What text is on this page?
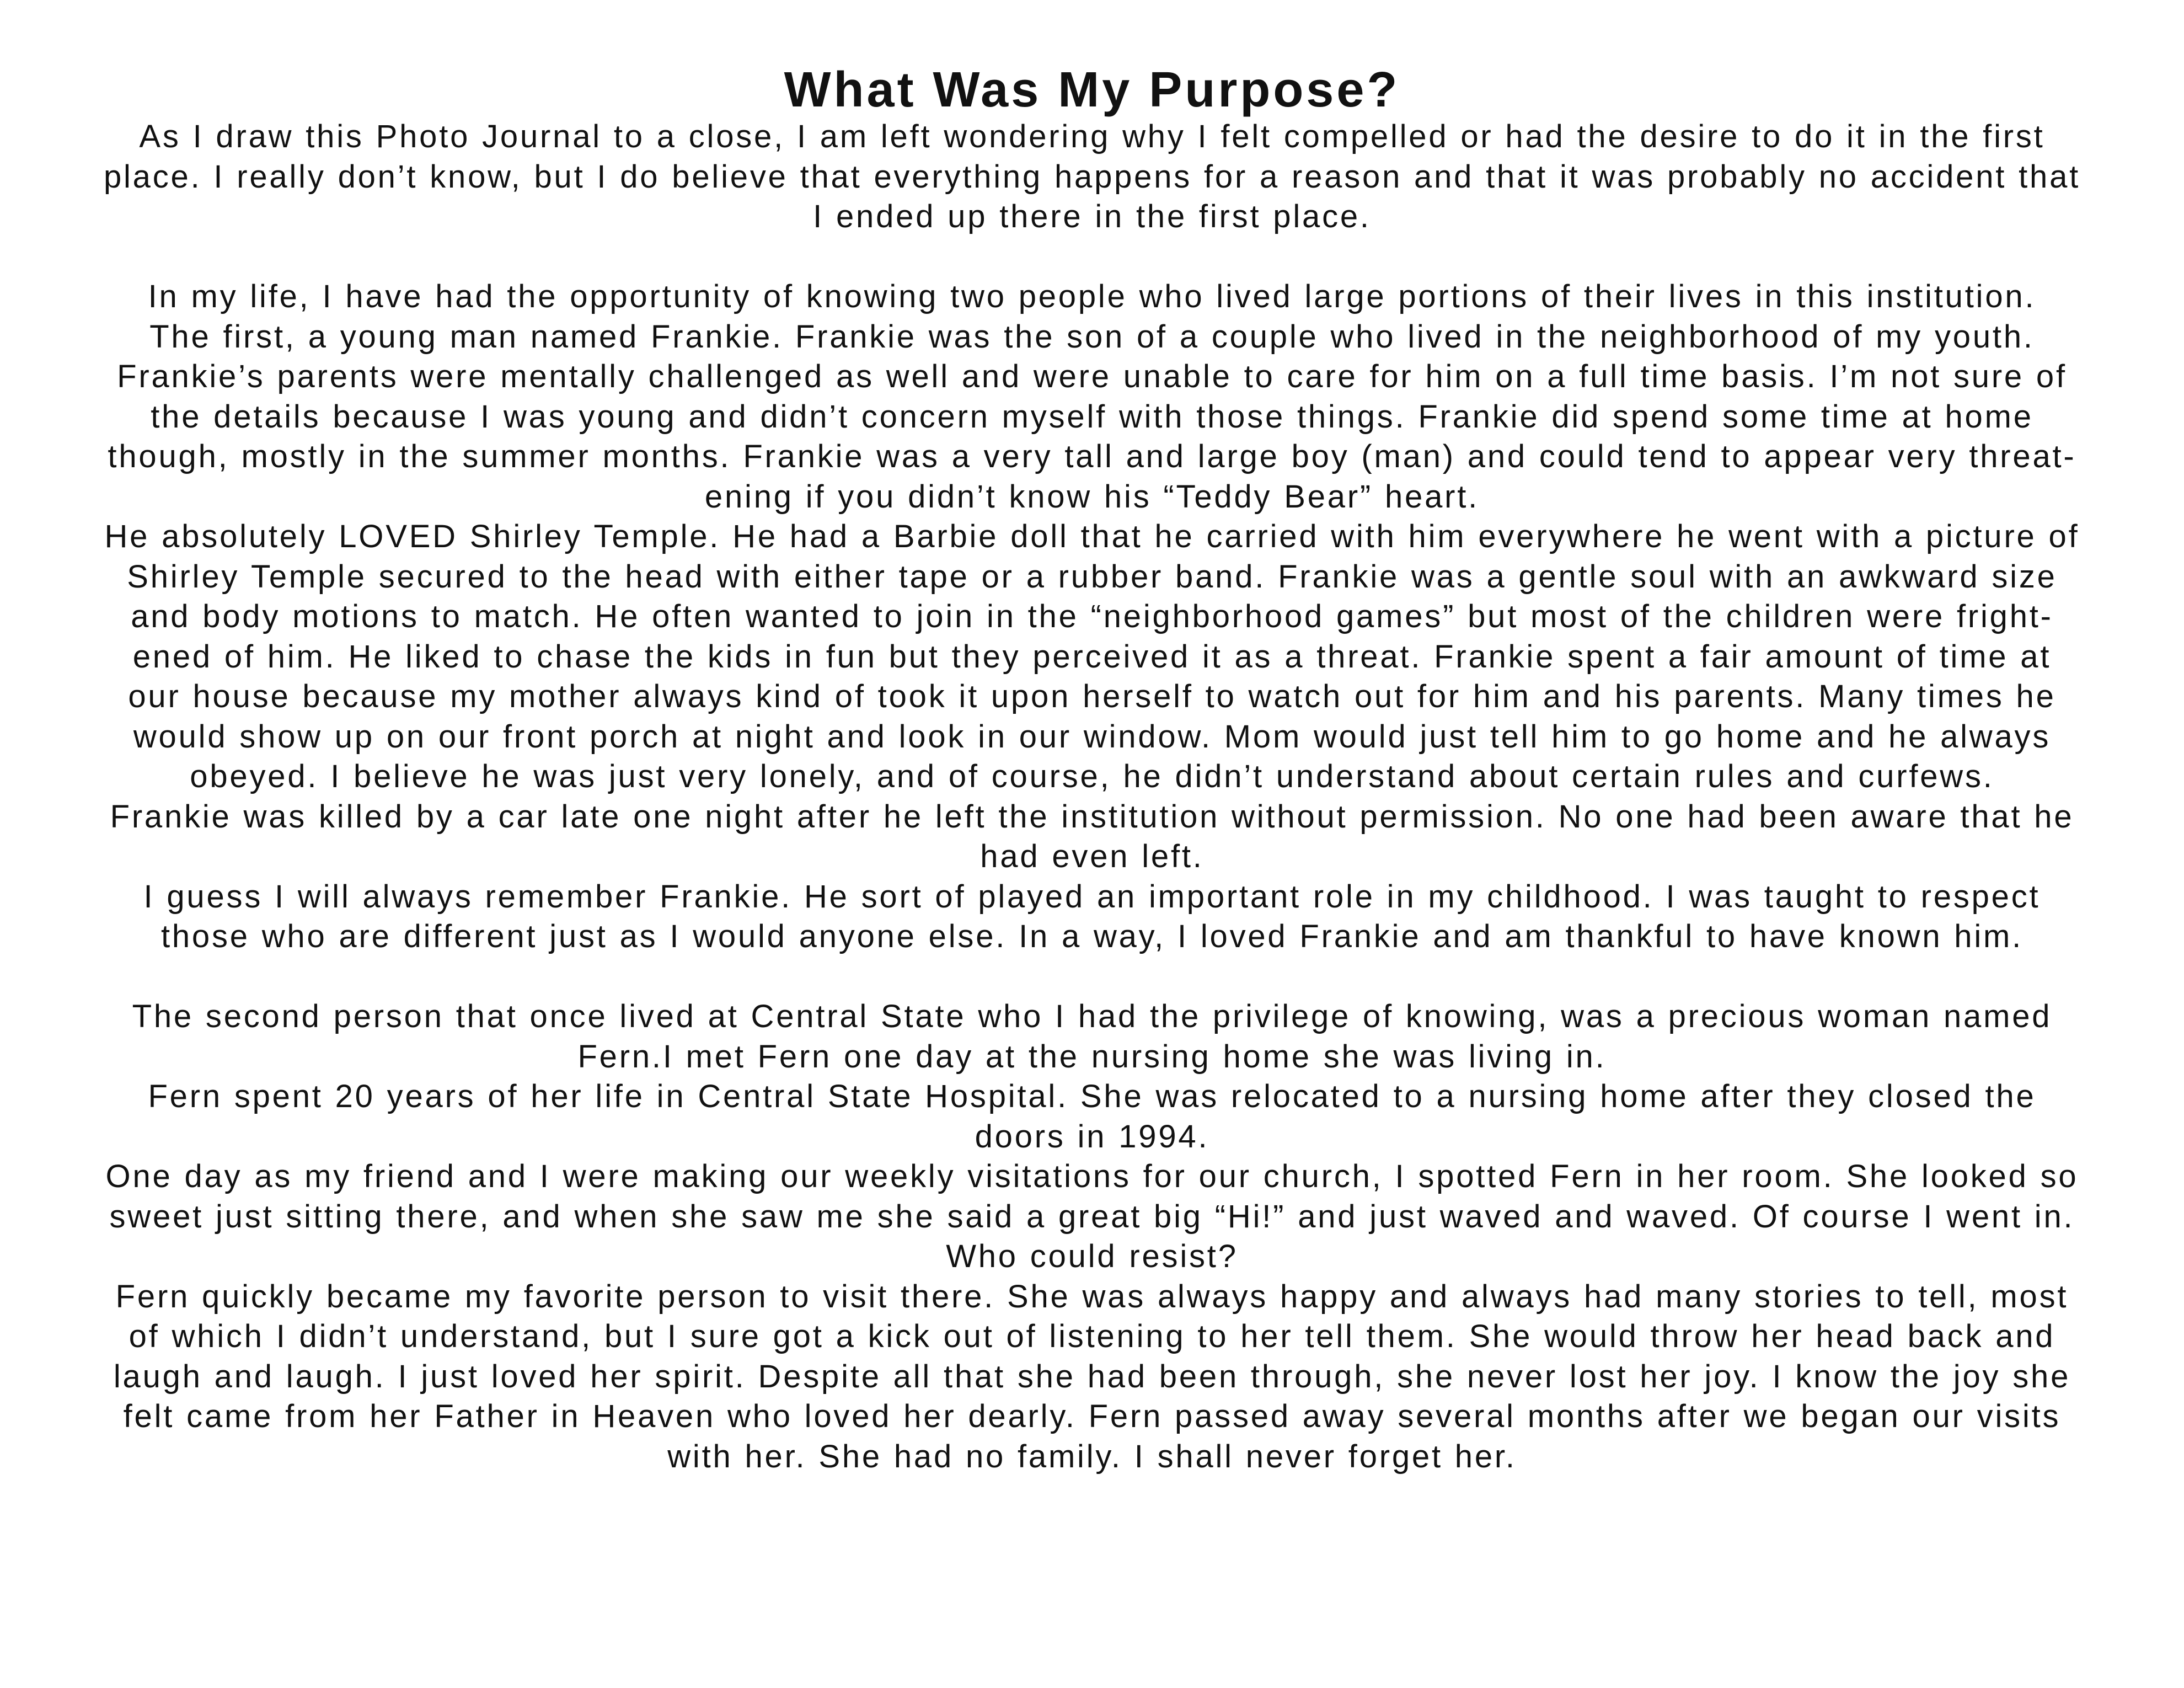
What Was My Purpose?
As I draw this Photo Journal to a close, I am left wondering why I felt compelled or had the desire to do it in the first
place. I really don’t know, but I do believe that everything happens for a reason and that it was probably no accident that
I ended up there in the first place.
In my life, I have had the opportunity of knowing two people who lived large portions of their lives in this institution.
The first, a young man named Frankie. Frankie was the son of a couple who lived in the neighborhood of my youth.
Frankie’s parents were mentally challenged as well and were unable to care for him on a full time basis. I’m not sure of
the details because I was young and didn’t concern myself with those things. Frankie did spend some time at home
though, mostly in the summer months. Frankie was a very tall and large boy (man) and could tend to appear very threat-
ening if you didn’t know his “Teddy Bear” heart.
He absolutely LOVED Shirley Temple. He had a Barbie doll that he carried with him everywhere he went with a picture of
Shirley Temple secured to the head with either tape or a rubber band. Frankie was a gentle soul with an awkward size
and body motions to match. He often wanted to join in the “neighborhood games” but most of the children were fright-
ened of him. He liked to chase the kids in fun but they perceived it as a threat. Frankie spent a fair amount of time at
our house because my mother always kind of took it upon herself to watch out for him and his parents. Many times he
would show up on our front porch at night and look in our window. Mom would just tell him to go home and he always
obeyed. I believe he was just very lonely, and of course, he didn’t understand about certain rules and curfews.
Frankie was killed by a car late one night after he left the institution without permission. No one had been aware that he
had even left.
I guess I will always remember Frankie. He sort of played an important role in my childhood. I was taught to respect
those who are different just as I would anyone else. In a way, I loved Frankie and am thankful to have known him.
The second person that once lived at Central State who I had the privilege of knowing, was a precious woman named
Fern.I met Fern one day at the nursing home she was living in.
Fern spent 20 years of her life in Central State Hospital. She was relocated to a nursing home after they closed the
doors in 1994.
One day as my friend and I were making our weekly visitations for our church, I spotted Fern in her room. She looked so
sweet just sitting there, and when she saw me she said a great big “Hi!” and just waved and waved. Of course I went in.
Who could resist?
Fern quickly became my favorite person to visit there. She was always happy and always had many stories to tell, most
of which I didn’t understand, but I sure got a kick out of listening to her tell them. She would throw her head back and
laugh and laugh. I just loved her spirit. Despite all that she had been through, she never lost her joy. I know the joy she
felt came from her Father in Heaven who loved her dearly. Fern passed away several months after we began our visits
with her. She had no family. I shall never forget her.
